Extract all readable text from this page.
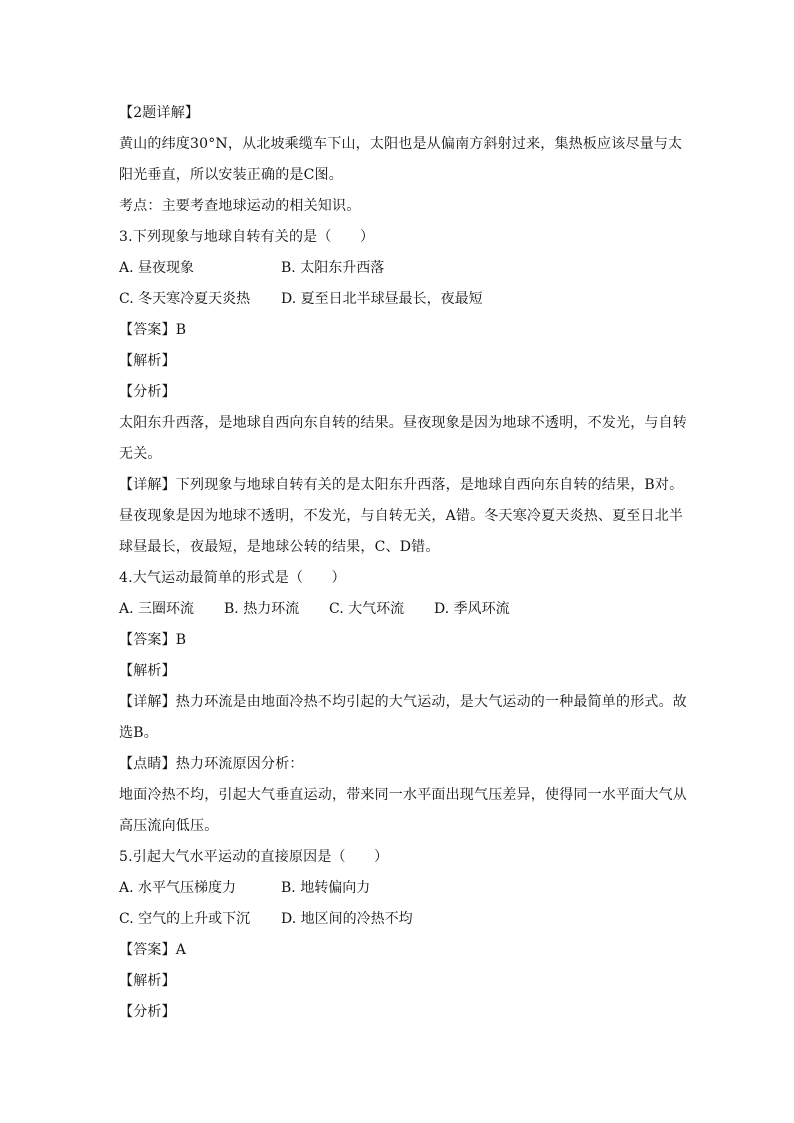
【2题详解】
黄山的纬度30°N，从北坡乘缆车下山，太阳也是从偏南方斜射过来，集热板应该尽量与太
阳光垂直，所以安装正确的是C图。
考点：主要考查地球运动的相关知识。
3.下列现象与地球自转有关的是（　　）
A. 昼夜现象	B. 太阳东升西落
C. 冬天寒冷夏天炎热 D. 夏至日北半球昼最长，夜最短
【答案】B
【解析】
【分析】
太阳东升西落，是地球自西向东自转的结果。昼夜现象是因为地球不透明，不发光，与自转
无关。
【详解】下列现象与地球自转有关的是太阳东升西落，是地球自西向东自转的结果，B对。
昼夜现象是因为地球不透明，不发光，与自转无关，A错。冬天寒冷夏天炎热、夏至日北半
球昼最长，夜最短，是地球公转的结果，C、D错。
4.大气运动最简单的形式是（　　）
A. 三圈环流 B. 热力环流 C. 大气环流 D. 季风环流
【答案】B
【解析】
【详解】热力环流是由地面冷热不均引起的大气运动，是大气运动的一种最简单的形式。故
选B。
【点睛】热力环流原因分析：
地面冷热不均，引起大气垂直运动，带来同一水平面出现气压差异，使得同一水平面大气从
高压流向低压。
5.引起大气水平运动的直接原因是（　　）
A. 水平气压梯度力	B. 地转偏向力
C. 空气的上升或下沉 D. 地区间的冷热不均
【答案】A
【解析】
【分析】
